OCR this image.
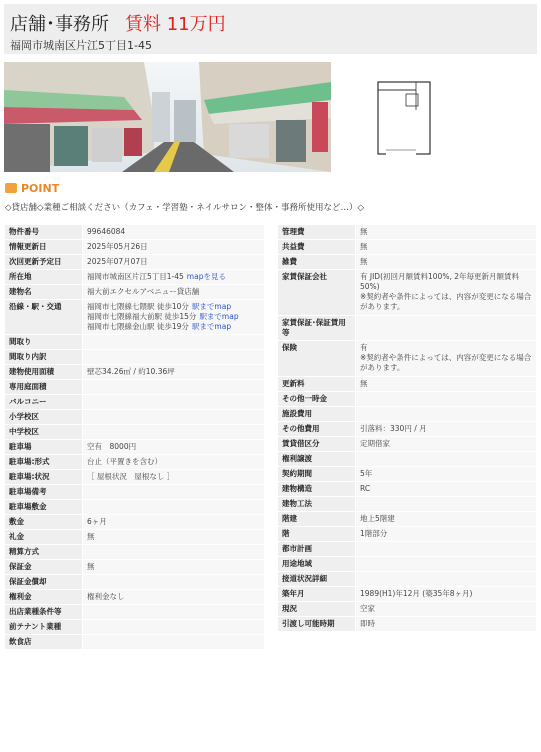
店舗･事務所 賃料 11万円
福岡市城南区片江5丁目1-45
POINT
◇貸店舗◇業種ご相談ください（カフェ・学習塾・ネイルサロン・整体・事務所使用など…）◇
物件番号	99646084
情報更新日	2025年05月26日
次回更新予定日	2025年07月07日
所在地	福岡市城南区片江5丁目1-45 mapを見る
建物名	福大前エクセルアベニュー貸店舗
沿線・駅・交通	福岡市七隈線七隈駅 徒歩10分 駅までmap
福岡市七隈線福大前駅 徒歩15分 駅までmap
福岡市七隈線金山駅 徒歩19分 駅までmap

間取り	
間取り内訳	
建物使用面積	壁芯34.26㎡ / 約10.36坪
専用庭面積	
バルコニー	
小学校区	
中学校区	
駐車場	空有　8000円
駐車場:形式	台止（平置きを含む）
駐車場:状況	［ 屋根状況　屋根なし ］
駐車場備考	
駐車場敷金	
敷金	6ヶ月
礼金	無
精算方式	
保証金	無
保証金償却	
権利金	権利金なし
出店業種条件等	
前テナント業種	
飲食店	
管理費	無
共益費	無
雑費	無
家賃保証会社	有 JID(初回月額賃料100%, 2年毎更新月額賃料50%)
※契約者や条件によっては、内容が変更になる場合があります。
家賃保証･保証賃用等	
保険	有
※契約者や条件によっては、内容が変更になる場合があります。
更新料	無
その他一時金	
施設費用	
その他費用	引落料：330円 / 月
賃貸借区分	定期借家
権利譲渡	
契約期間	5年
建物構造	RC
建物工法	
階建	地上5階建
階	1階部分
都市計画	
用途地域	
接道状況詳細	
築年月	1989(H1)年12月 (築35年8ヶ月)
現況	空家
引渡し可能時期	即時
